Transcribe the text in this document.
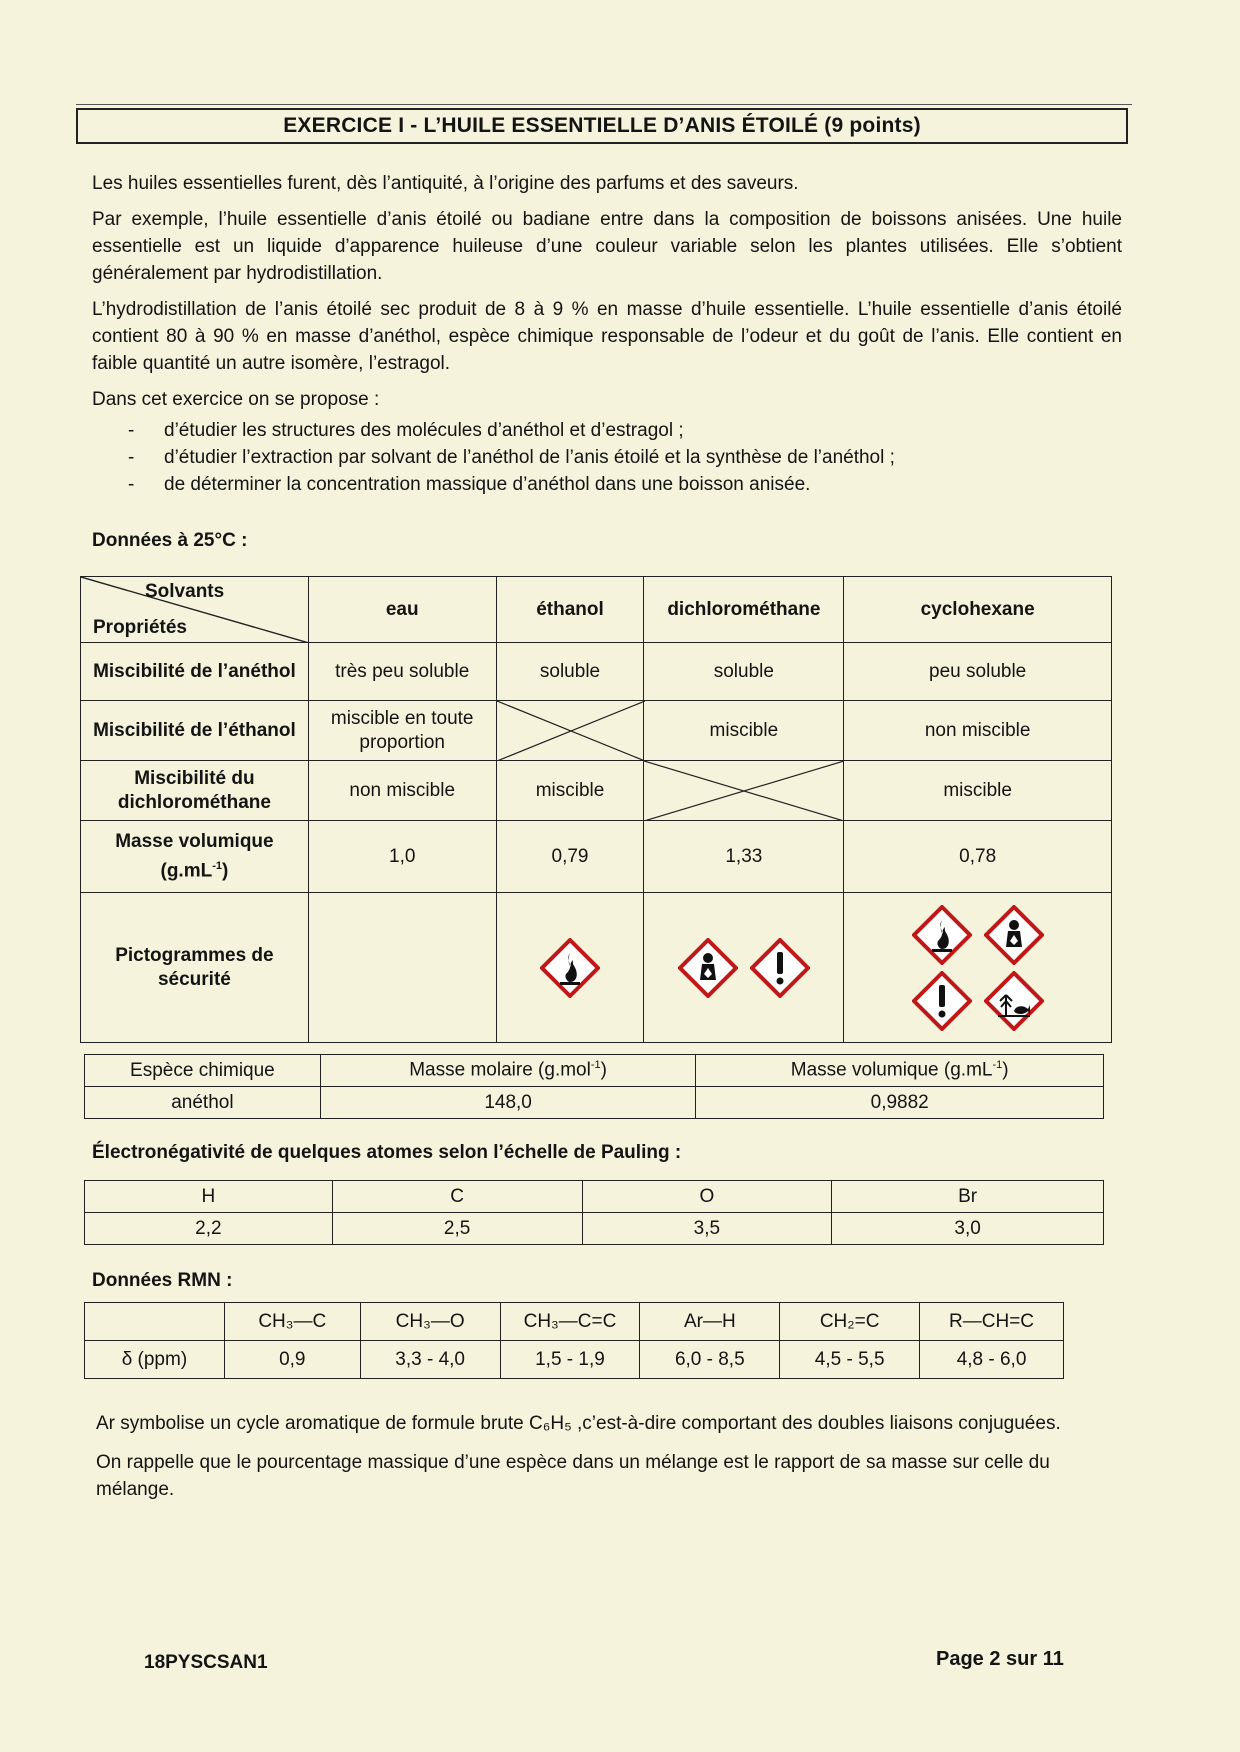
EXERCICE I - L’HUILE ESSENTIELLE D’ANIS ÉTOILÉ (9 points)

Les huiles essentielles furent, dès l’antiquité, à l’origine des parfums et des saveurs.

Par exemple, l’huile essentielle d’anis étoilé ou badiane entre dans la composition de boissons anisées. Une huile essentielle est un liquide d’apparence huileuse d’une couleur variable selon les plantes utilisées. Elle s’obtient généralement par hydrodistillation.

L’hydrodistillation de l’anis étoilé sec produit de 8 à 9 % en masse d’huile essentielle. L’huile essentielle d’anis étoilé contient 80 à 90 % en masse d’anéthol, espèce chimique responsable de l’odeur et du goût de l’anis. Elle contient en faible quantité un autre isomère, l’estragol.

Dans cet exercice on se propose :

- d’étudier les structures des molécules d’anéthol et d’estragol ;
- d’étudier l’extraction par solvant de l’anéthol de l’anis étoilé et la synthèse de l’anéthol ;
- de déterminer la concentration massique d’anéthol dans une boisson anisée.
Données à 25°C :
Solvants
Propriétés	eau	éthanol	dichlorométhane	cyclohexane
Miscibilité de l’anéthol	très peu soluble	soluble	soluble	peu soluble
Miscibilité de l’éthanol	miscible en toute proportion		miscible	non miscible
Miscibilité du dichlorométhane	non miscible	miscible		miscible
Masse volumique
$(g.mL^{-1})$	1,0	0,79	1,33	0,78
Pictogrammes de sécurité		

Espèce chimique	Masse molaire (g.mol$^{-1}$)	Masse volumique $(g.mL^{-1})$
anéthol	148,0	0,9882
Électronégativité de quelques atomes selon l’échelle de Pauling :
H	C	O	Br
2,2	2,5	3,5	3,0
Données RMN :
	CH₃—C	CH₃—O	CH₃—C=C	Ar—H	CH₂=C	R—CH=C
δ (ppm)	0,9	3,3 - 4,0	1,5 - 1,9	6,0 - 8,5	4,5 - 5,5	4,8 - 6,0

Ar symbolise un cycle aromatique de formule brute C₆H₅ ,c’est-à-dire comportant des doubles liaisons conjuguées.

On rappelle que le pourcentage massique d’une espèce dans un mélange est le rapport de sa masse sur celle du mélange.

18PYSCSAN1	Page 2 sur 11
